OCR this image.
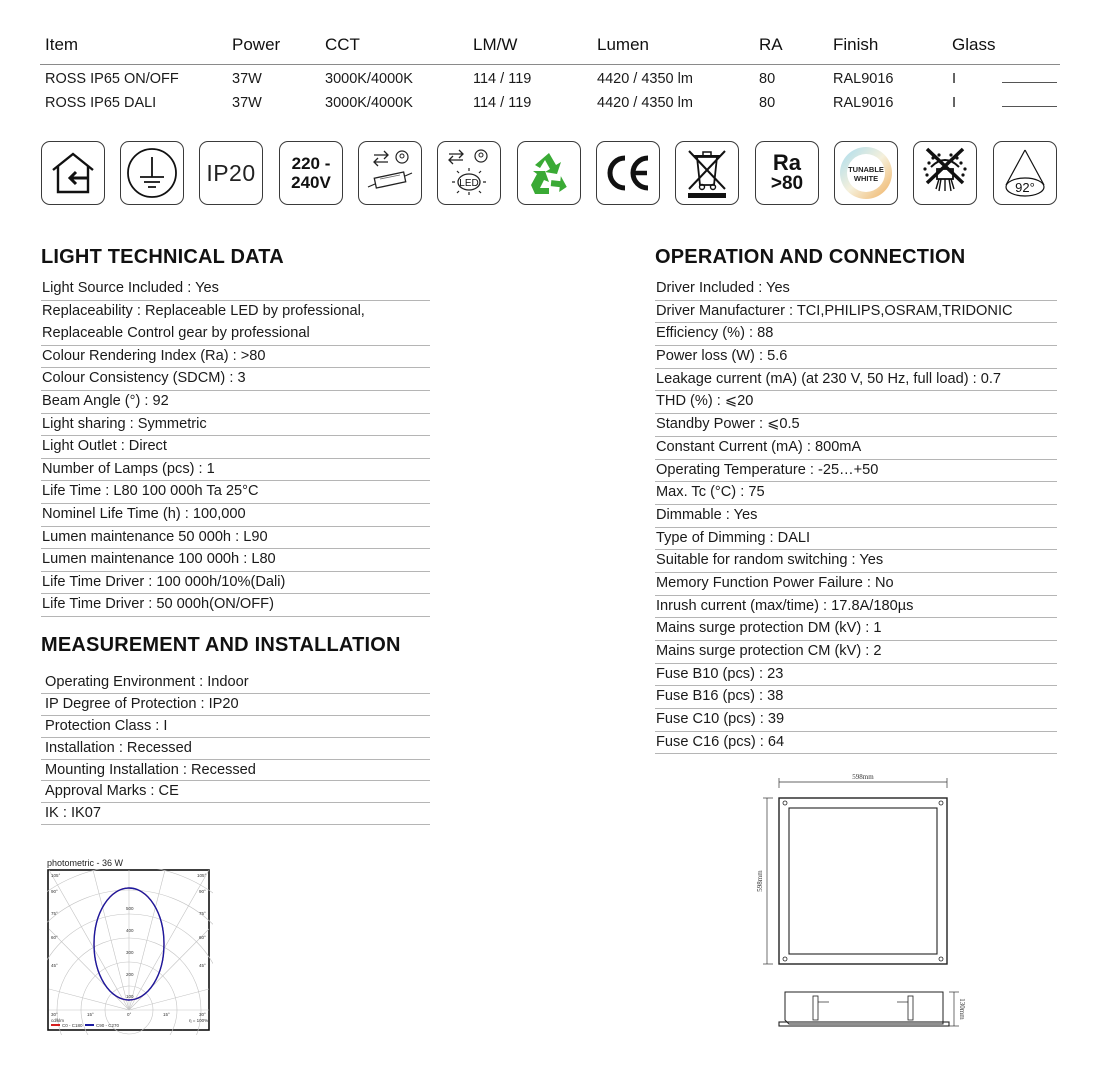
Item	Power	CCT	LM/W	Lumen	RA	Finish	Glass
ROSS IP65 ON/OFF	37W	3000K/4000K	114 / 119	4420 / 4350 lm	80	RAL9016	I
ROSS IP65 DALI	37W	3000K/4000K	114 / 119	4420 / 4350 lm	80	RAL9016	I
IP20 220 -
240V	LED
Ra
>80
TUNABLE
WHITE
92°
LIGHT TECHNICAL DATA
Light Source Included : Yes
Replaceability : Replaceable LED by professional,
Replaceable Control gear by professional
Colour Rendering Index (Ra) : >80
Colour Consistency (SDCM) : 3
Beam Angle (°) : 92
Light sharing : Symmetric
Light Outlet : Direct
Number of Lamps (pcs) : 1
Life Time : L80 100 000h Ta 25°C
Nominel Life Time (h) : 100,000
Lumen maintenance 50 000h : L90
Lumen maintenance 100 000h : L80
Life Time Driver : 100 000h/10%(Dali)
Life Time Driver : 50 000h(ON/OFF)
MEASUREMENT AND INSTALLATION
Operating Environment : Indoor
IP Degree of Protection : IP20
Protection Class : I
Installation : Recessed
Mounting Installation : Recessed
Approval Marks : CE
IK : IK07
OPERATION AND CONNECTION
Driver Included : Yes
Driver Manufacturer : TCI,PHILIPS,OSRAM,TRIDONIC
Efficiency (%) : 88
Power loss (W) : 5.6
Leakage current (mA) (at 230 V, 50 Hz, full load) : 0.7
THD (%) : ⩽20
Standby Power : ⩽0.5
Constant Current (mA) : 800mA
Operating Temperature : -25…+50
Max. Tc (°C) : 75
Dimmable : Yes
Type of Dimming : DALI
Suitable for random switching : Yes
Memory Function Power Failure : No
Inrush current (max/time) : 17.8A/180µs
Mains surge protection DM (kV) : 1
Mains surge protection CM (kV) : 2
Fuse B10 (pcs) : 23
Fuse B16 (pcs) : 38
Fuse C10 (pcs) : 39
Fuse C16 (pcs) : 64
photometric - 36 W
100
200
300
400
500
105°	105°
90°	90°
75°	75°
60°	60°
45°	45°
30°	30°
15°	15°
0°
cd/klm	η = 100%
C0 - C180	C90 - C270
598mm
598mm
130mm
